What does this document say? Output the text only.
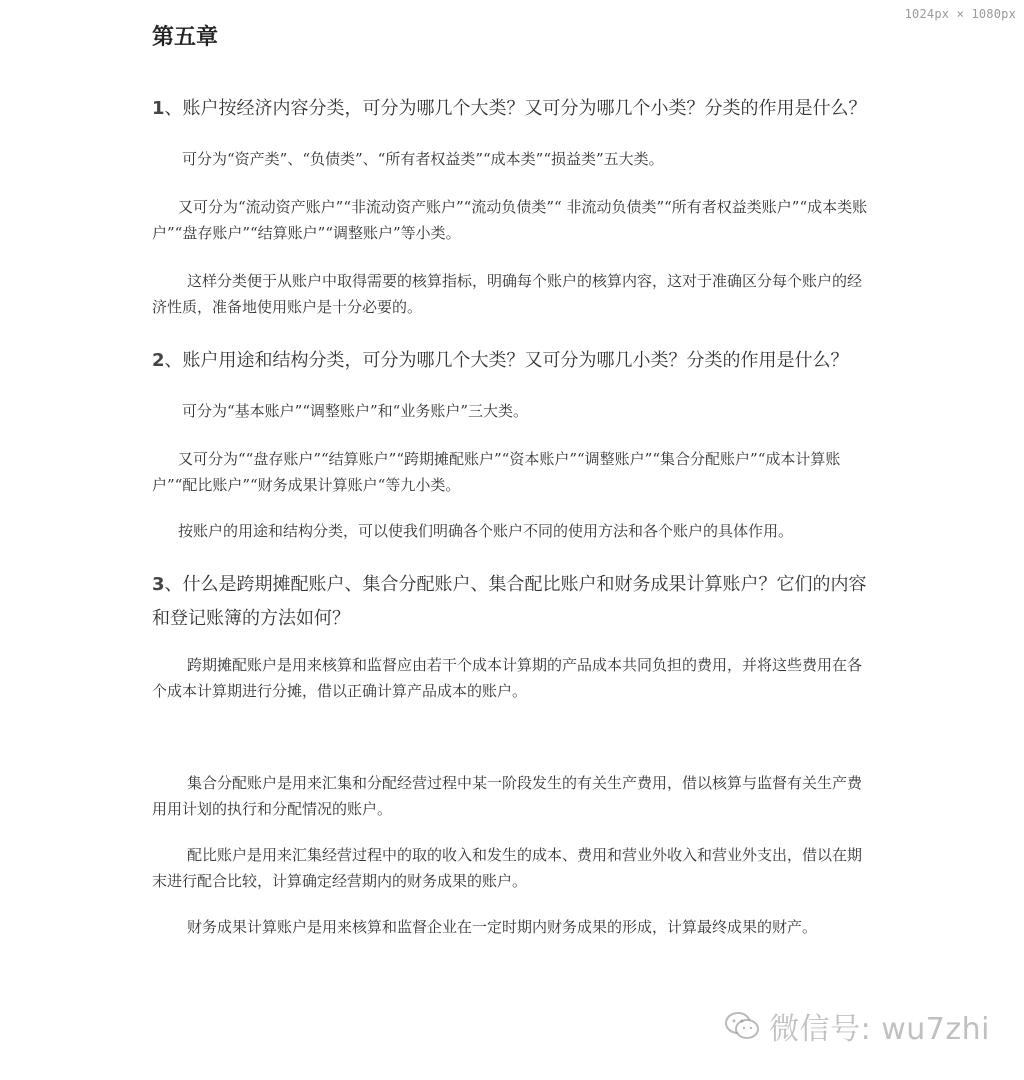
1024px × 1080px
第五章

1、账户按经济内容分类，可分为哪几个大类？又可分为哪几个小类？分类的作用是什么？

可分为“资产类”、“负债类”、“所有者权益类”“成本类”“损益类”五大类。

又可分为“流动资产账户”“非流动资产账户”“流动负债类”“ 非流动负债类”“所有者权益类账户”“成本类账户”“盘存账户”“结算账户”“调整账户”等小类。

这样分类便于从账户中取得需要的核算指标，明确每个账户的核算内容，这对于准确区分每个账户的经济性质，准备地使用账户是十分必要的。

2、账户用途和结构分类，可分为哪几个大类？又可分为哪几小类？分类的作用是什么？

可分为“基本账户”“调整账户”和“业务账户”三大类。

又可分为““盘存账户”“结算账户”“跨期摊配账户”“资本账户”“调整账户”“集合分配账户”“成本计算账户”“配比账户”“财务成果计算账户“等九小类。

按账户的用途和结构分类，可以使我们明确各个账户不同的使用方法和各个账户的具体作用。

3、什么是跨期摊配账户、集合分配账户、集合配比账户和财务成果计算账户？它们的内容和登记账簿的方法如何？

跨期摊配账户是用来核算和监督应由若干个成本计算期的产品成本共同负担的费用，并将这些费用在各个成本计算期进行分摊，借以正确计算产品成本的账户。

集合分配账户是用来汇集和分配经营过程中某一阶段发生的有关生产费用，借以核算与监督有关生产费用用计划的执行和分配情况的账户。

配比账户是用来汇集经营过程中的取的收入和发生的成本、费用和营业外收入和营业外支出，借以在期末进行配合比较，计算确定经营期内的财务成果的账户。

财务成果计算账户是用来核算和监督企业在一定时期内财务成果的形成，计算最终成果的财产。

微信号: wu7zhi
